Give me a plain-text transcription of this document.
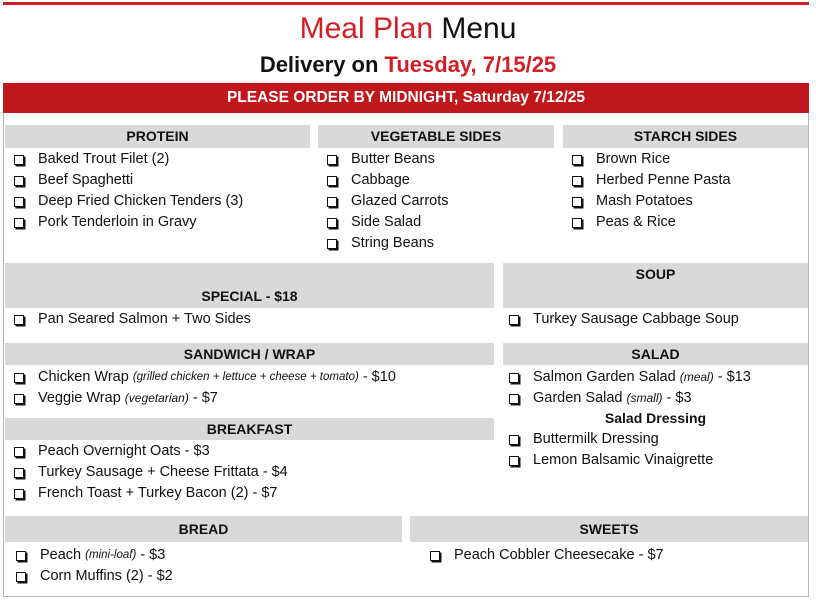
Meal Plan Menu
Delivery on Tuesday, 7/15/25
PLEASE ORDER BY MIDNIGHT, Saturday 7/12/25
PROTEIN	VEGETABLE SIDES	STARCH SIDES
Baked Trout Filet (2)
Beef Spaghetti
Deep Fried Chicken Tenders (3)
Pork Tenderloin in Gravy
Butter Beans
Cabbage
Glazed Carrots
Side Salad
String Beans
Brown Rice
Herbed Penne Pasta
Mash Potatoes
Peas & Rice
SPECIAL - $18
SOUP
Pan Seared Salmon + Two Sides	Turkey Sausage Cabbage Soup
SANDWICH / WRAP	SALAD
Chicken Wrap
(grilled chicken + lettuce + cheese + tomato)
- $10
Veggie Wrap
(vegetarian)
- $7
Salmon Garden Salad
(meal)
- $13
Garden Salad
(small)
- $3
Salad Dressing
Buttermilk Dressing
Lemon Balsamic Vinaigrette
BREAKFAST
Peach Overnight Oats - $3
Turkey Sausage + Cheese Frittata - $4
French Toast + Turkey Bacon (2) - $7
BREAD	SWEETS
Peach
(mini-loaf)
- $3
Corn Muffins (2) - $2
Peach Cobbler Cheesecake - $7
